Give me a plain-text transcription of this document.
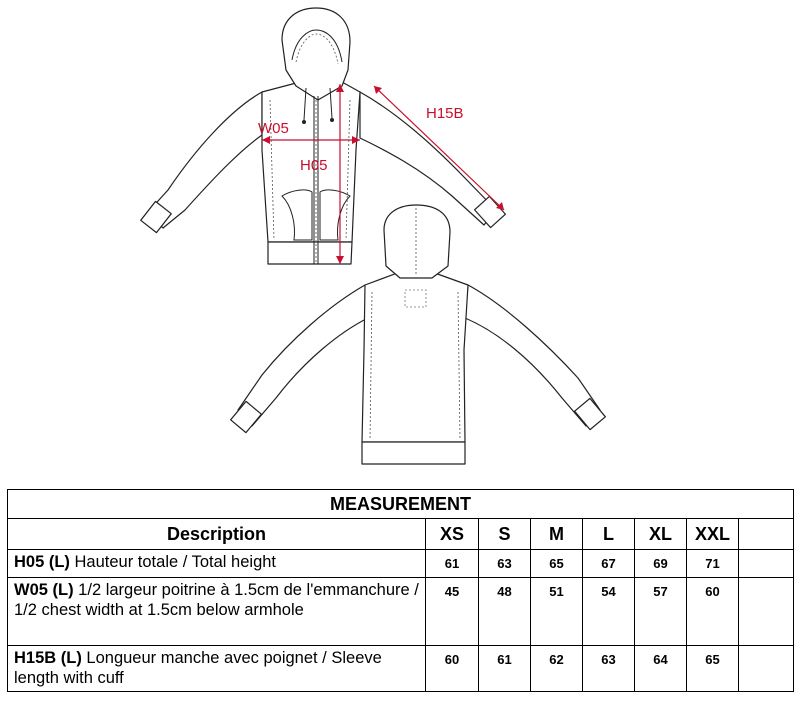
W05
H05
H15B
MEASUREMENT							
Description	XS	S	M	L	XL	XXL	
H05 (L) Hauteur totale / Total height	61	63	65	67	69	71	
W05 (L) 1/2 largeur poitrine à 1.5cm de l'emmanchure / 1/2 chest width at 1.5cm below armhole	45	48	51	54	57	60	
H15B (L) Longueur manche avec poignet / Sleeve length with cuff	60	61	62	63	64	65	
